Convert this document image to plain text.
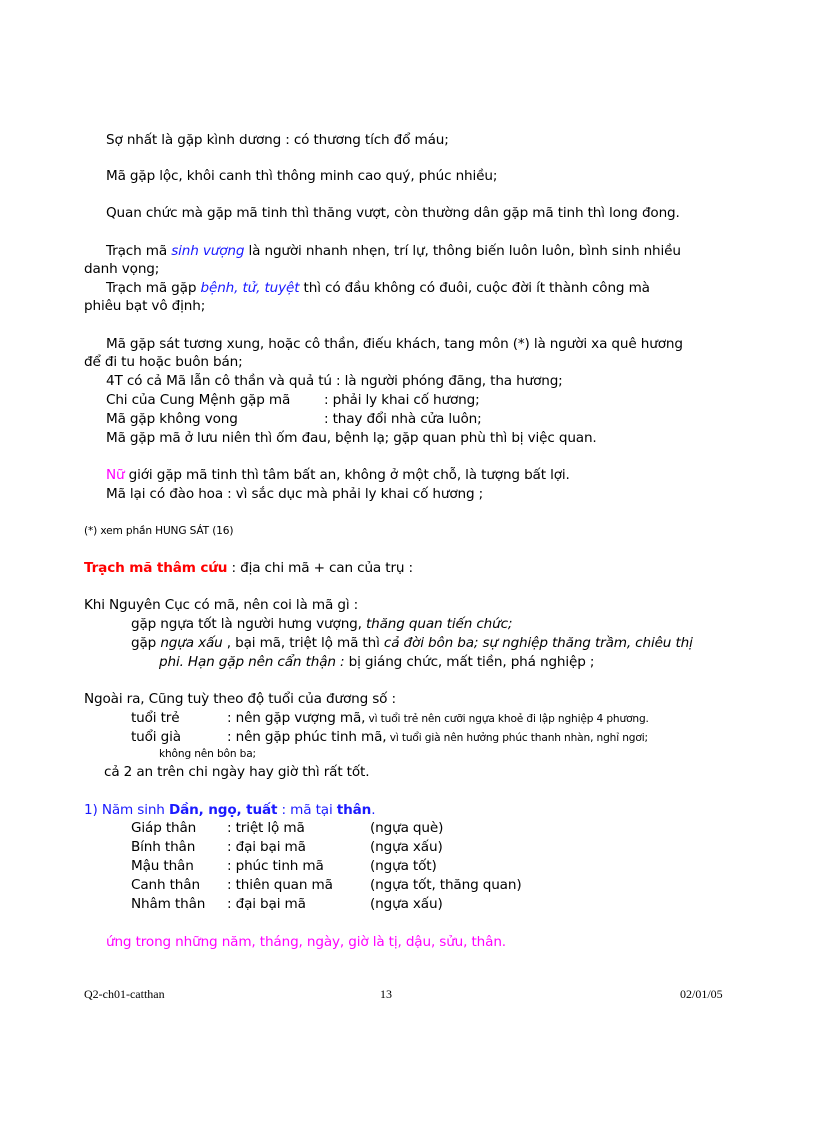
Sợ nhất là gặp kình dương : có thương tích đổ máu;
Mã gặp lộc, khôi canh thì thông minh cao quý, phúc nhiều;
Quan chức mà gặp mã tinh thì thăng vượt, còn thường dân gặp mã tinh thì long đong.
Trạch mã sinh vượng là người nhanh nhẹn, trí lự, thông biến luôn luôn, bình sinh nhiều
danh vọng;
Trạch mã gặp bệnh, tử, tuyệt thì có đầu không có đuôi, cuộc đời ít thành công mà
phiêu bạt vô định;
Mã gặp sát tương xung, hoặc cô thần, điếu khách, tang môn (*) là người xa quê hương
để đi tu hoặc buôn bán;
4T có cả Mã lẫn cô thần và quả tú : là người phóng đãng, tha hương;
Chi của Cung Mệnh gặp mã : phải ly khai cố hương;
Mã gặp không vong	: thay đổi nhà cửa luôn;
Mã gặp mã ở lưu niên thì ốm đau, bệnh lạ; gặp quan phù thì bị việc quan.
Nữ giới gặp mã tinh thì tâm bất an, không ở một chỗ, là tượng bất lợi.
Mã lại có đào hoa : vì sắc dục mà phải ly khai cố hương ;
(*) xem phần HUNG SÁT (16)
Trạch mã thâm cứu : địa chi mã + can của trụ :
Khi Nguyên Cục có mã, nên coi là mã gì :
gặp ngựa tốt là người hưng vượng, thăng quan tiến chức;
gặp ngựa xấu , bại mã, triệt lộ mã thì cả đời bôn ba; sự nghiệp thăng trầm, chiêu thị
phi. Hạn gặp nên cẩn thận : bị giáng chức, mất tiền, phá nghiệp ;
Ngoài ra, Cũng tuỳ theo độ tuổi của đương số :
tuổi trẻ	: nên gặp vượng mã, vì tuổi trẻ nên cưỡi ngựa khoẻ đi lập nghiệp 4 phương.
tuổi già	: nên gặp phúc tinh mã, vì tuổi già nên hưởng phúc thanh nhàn, nghỉ ngơi;
không nên bôn ba;
cả 2 an trên chi ngày hay giờ thì rất tốt.
1) Năm sinh Dần, ngọ, tuất : mã tại thân.
Giáp thân : triệt lộ mã	(ngựa què)
Bính thân : đại bại mã	(ngựa xấu)
Mậu thân : phúc tinh mã	(ngựa tốt)
Canh thân : thiên quan mã	(ngựa tốt, thăng quan)
Nhâm thân : đại bại mã	(ngựa xấu)
ứng trong những năm, tháng, ngày, giờ là tị, dậu, sửu, thân.
Q2-ch01-catthan	13	02/01/05
